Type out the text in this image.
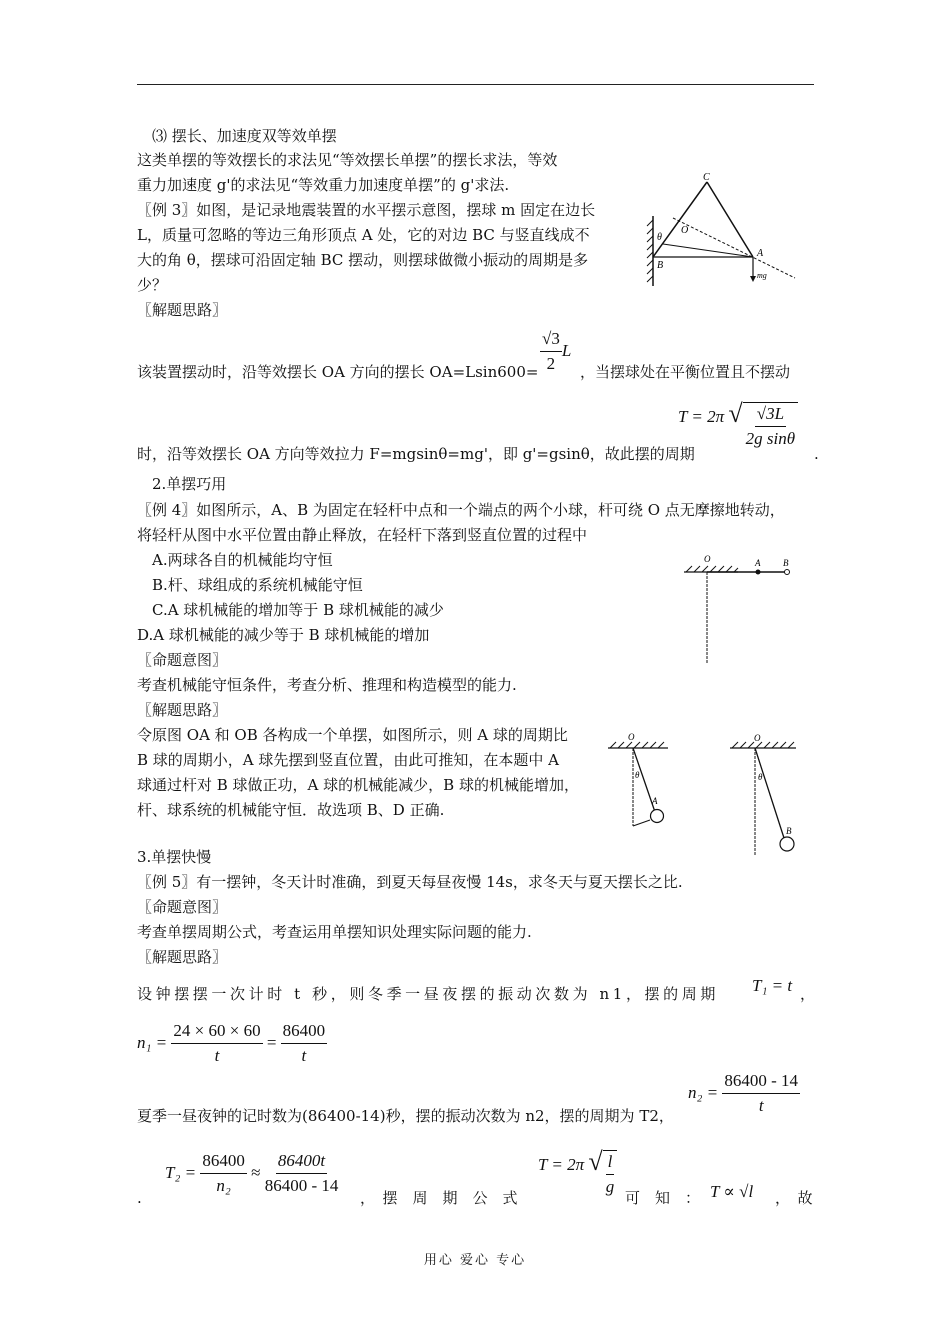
⑶ 摆长、加速度双等效单摆
这类单摆的等效摆长的求法见“等效摆长单摆”的摆长求法，等效
重力加速度 g'的求法见“等效重力加速度单摆”的 g'求法.
〖例 3〗如图，是记录地震装置的水平摆示意图，摆球 m 固定在边长
L，质量可忽略的等边三角形顶点 A 处，它的对边 BC 与竖直线成不
大的角 θ，摆球可沿固定轴 BC 摆动，则摆球做微小振动的周期是多
少？
〖解题思路〗
C
O
θ
A
B
mg
该装置摆动时，沿等效摆长 OA 方向的摆长 $OA=Lsin600= \frac{√3}{2}$ L
，当摆球处在平衡位置且不摆动
时，沿等效摆长 OA 方向等效拉力 F=mgsinθ=mg'，即 g'=gsinθ，故此摆的周期
T = 2π √ $\frac{√3L}{\text{2g sinθ}}$
.
2.单摆巧用
〖例 4〗如图所示，A、B 为固定在轻杆中点和一个端点的两个小球，杆可绕 O 点无摩擦地转动，
将轻杆从图中水平位置由静止释放，在轻杆下落到竖直位置的过程中
A.两球各自的机械能均守恒
B.杆、球组成的系统机械能守恒
C.A 球机械能的增加等于 B 球机械能的减少
D.A 球机械能的减少等于 B 球机械能的增加
〖命题意图〗
考查机械能守恒条件，考查分析、推理和构造模型的能力.
〖解题思路〗
令原图 OA 和 OB 各构成一个单摆，如图所示，则 A 球的周期比
B 球的周期小，A 球先摆到竖直位置，由此可推知，在本题中 A
球通过杆对 B 球做正功，A 球的机械能减少，B 球的机械能增加，
杆、球系统的机械能守恒．故选项 B、D 正确.
O	A	B
O
θ
A
O
θ
B
3.单摆快慢
〖例 5〗有一摆钟，冬天计时准确，到夏天每昼夜慢 14s，求冬天与夏天摆长之比.
〖命题意图〗
考查单摆周期公式，考查运用单摆知识处理实际问题的能力.
〖解题思路〗
设钟摆摆一次计时 t 秒，则冬季一昼夜摆的振动次数为 n1，摆的周期 T₁ = t ，
$n_1 = \frac{24 \times 60 \times 60}{t} = \frac{86400}{t}$
$n_2 = \frac{86400 - 14}{t}$
夏季一昼夜钟的记时数为(86400-14)秒，摆的振动次数为 n2，摆的周期为 T2，
.
$T_2 = \frac{86400}{\text{n₂}} \approx \frac{86400t}{86400 - 14}$ ，　摆　周　期　公　式
T = 2π √ $\frac{l}{g}$ 可　知　： T ∝ √l ，　故
用心 爱心 专心
